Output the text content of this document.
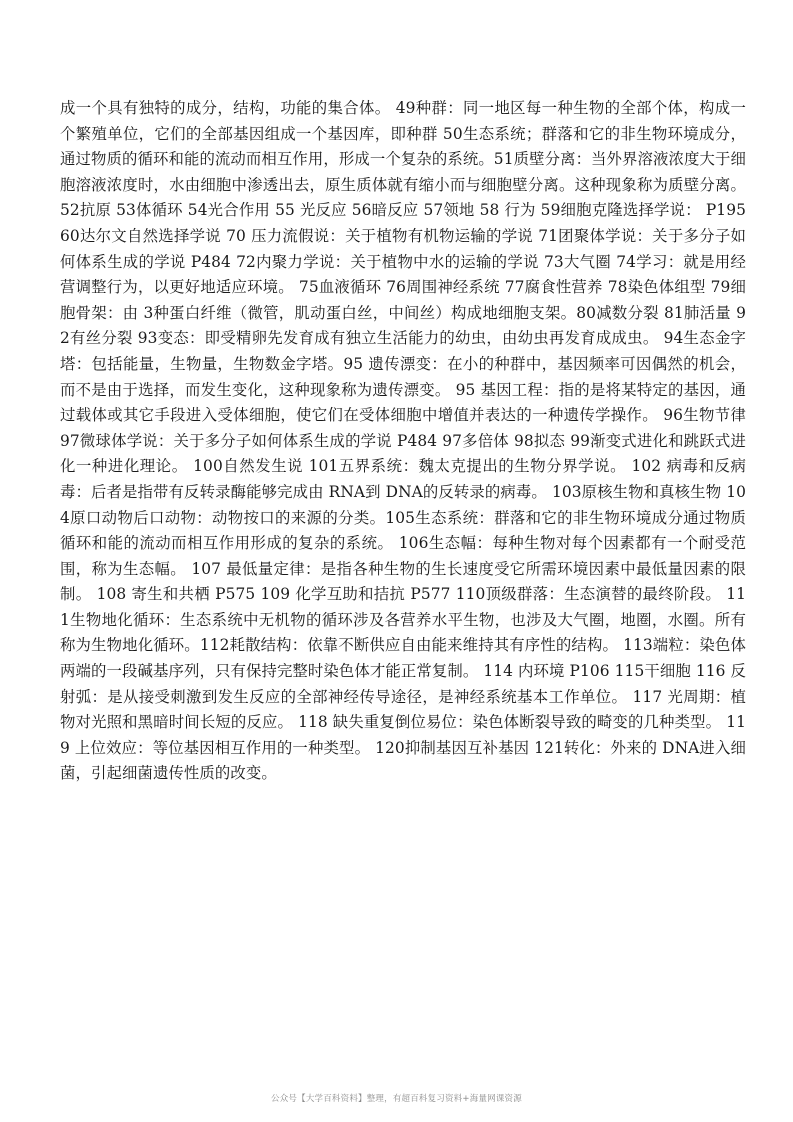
成一个具有独特的成分，结构，功能的集合体。 49种群：同一地区每一种生物的全部个体，构成一个繁殖单位，它们的全部基因组成一个基因库，即种群 50生态系统；群落和它的非生物环境成分，通过物质的循环和能的流动而相互作用，形成一个复杂的系统。51质壁分离：当外界溶液浓度大于细胞溶液浓度时，水由细胞中渗透出去，原生质体就有缩小而与细胞壁分离。这种现象称为质壁分离。 52抗原 53体循环 54光合作用 55 光反应 56暗反应 57领地 58 行为 59细胞克隆选择学说： P195 60达尔文自然选择学说 70 压力流假说：关于植物有机物运输的学说 71团聚体学说：关于多分子如何体系生成的学说 P484 72内聚力学说：关于植物中水的运输的学说 73大气圈 74学习：就是用经营调整行为，以更好地适应环境。 75血液循环 76周围神经系统 77腐食性营养 78染色体组型 79细胞骨架：由 3种蛋白纤维（微管，肌动蛋白丝，中间丝）构成地细胞支架。80减数分裂 81肺活量 92有丝分裂 93变态：即受精卵先发育成有独立生活能力的幼虫，由幼虫再发育成成虫。 94生态金字塔：包括能量，生物量，生物数金字塔。95 遗传漂变：在小的种群中，基因频率可因偶然的机会，而不是由于选择，而发生变化，这种现象称为遗传漂变。 95 基因工程：指的是将某特定的基因，通过载体或其它手段进入受体细胞，使它们在受体细胞中增值并表达的一种遗传学操作。 96生物节律 97微球体学说：关于多分子如何体系生成的学说 P484 97多倍体 98拟态 99渐变式进化和跳跃式进化一种进化理论。 100自然发生说 101五界系统：魏太克提出的生物分界学说。 102 病毒和反病毒：后者是指带有反转录酶能够完成由 RNA到 DNA的反转录的病毒。 103原核生物和真核生物 104原口动物后口动物：动物按口的来源的分类。105生态系统：群落和它的非生物环境成分通过物质循环和能的流动而相互作用形成的复杂的系统。 106生态幅：每种生物对每个因素都有一个耐受范围，称为生态幅。 107 最低量定律：是指各种生物的生长速度受它所需环境因素中最低量因素的限制。 108 寄生和共栖 P575 109 化学互助和拮抗 P577 110顶级群落：生态演替的最终阶段。 111生物地化循环：生态系统中无机物的循环涉及各营养水平生物，也涉及大气圈，地圈，水圈。所有称为生物地化循环。112耗散结构：依靠不断供应自由能来维持其有序性的结构。 113端粒：染色体两端的一段碱基序列，只有保持完整时染色体才能正常复制。 114 内环境 P106 115干细胞 116 反射弧：是从接受刺激到发生反应的全部神经传导途径，是神经系统基本工作单位。 117 光周期：植物对光照和黑暗时间长短的反应。 118 缺失重复倒位易位：染色体断裂导致的畸变的几种类型。 119 上位效应：等位基因相互作用的一种类型。 120抑制基因互补基因 121转化：外来的 DNA进入细菌，引起细菌遗传性质的改变。

公众号【大学百科资料】整理，有超百科复习资料+海量网课资源
